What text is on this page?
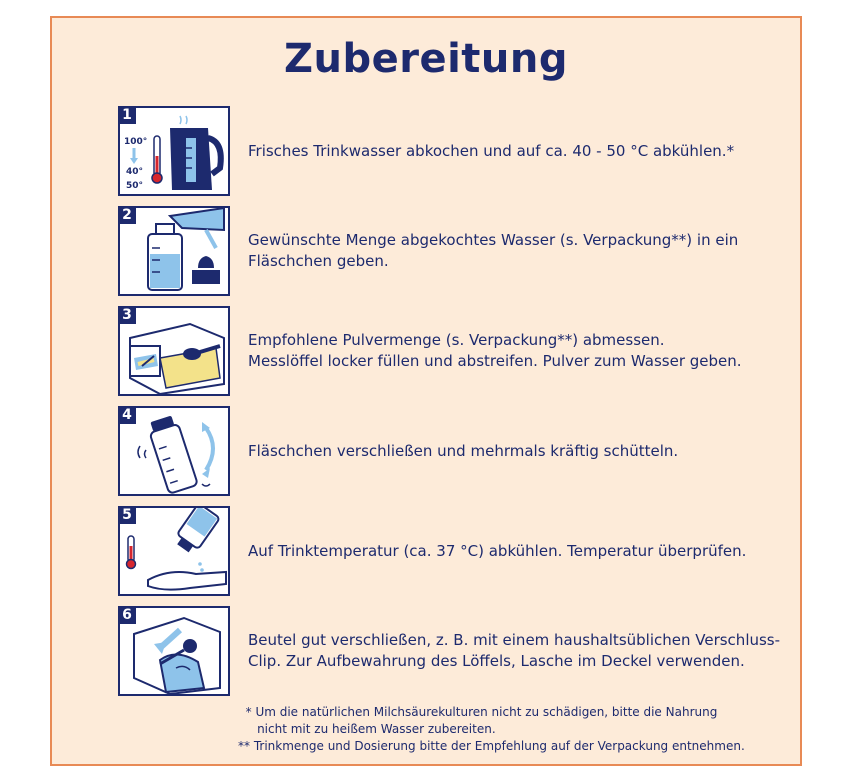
Zubereitung
100°
40°
50°
1
Frisches Trinkwasser abkochen und auf ca. 40 - 50 °C abkühlen.*
2
Gewünschte Menge abgekochtes Wasser (s. Verpackung**) in ein
Fläschchen geben.
3
Empfohlene Pulvermenge (s. Verpackung**) abmessen.
Messlöffel locker füllen und abstreifen. Pulver zum Wasser geben.
4
Fläschchen verschließen und mehrmals kräftig schütteln.
5
Auf Trinktemperatur (ca. 37 °C) abkühlen. Temperatur überprüfen.
6
Beutel gut verschließen, z. B. mit einem haushaltsüblichen Verschluss-
Clip. Zur Aufbewahrung des Löffels, Lasche im Deckel verwenden.
* Um die natürlichen Milchsäurekulturen nicht zu schädigen, bitte die Nahrung
nicht mit zu heißem Wasser zubereiten.
** Trinkmenge und Dosierung bitte der Empfehlung auf der Verpackung entnehmen.
